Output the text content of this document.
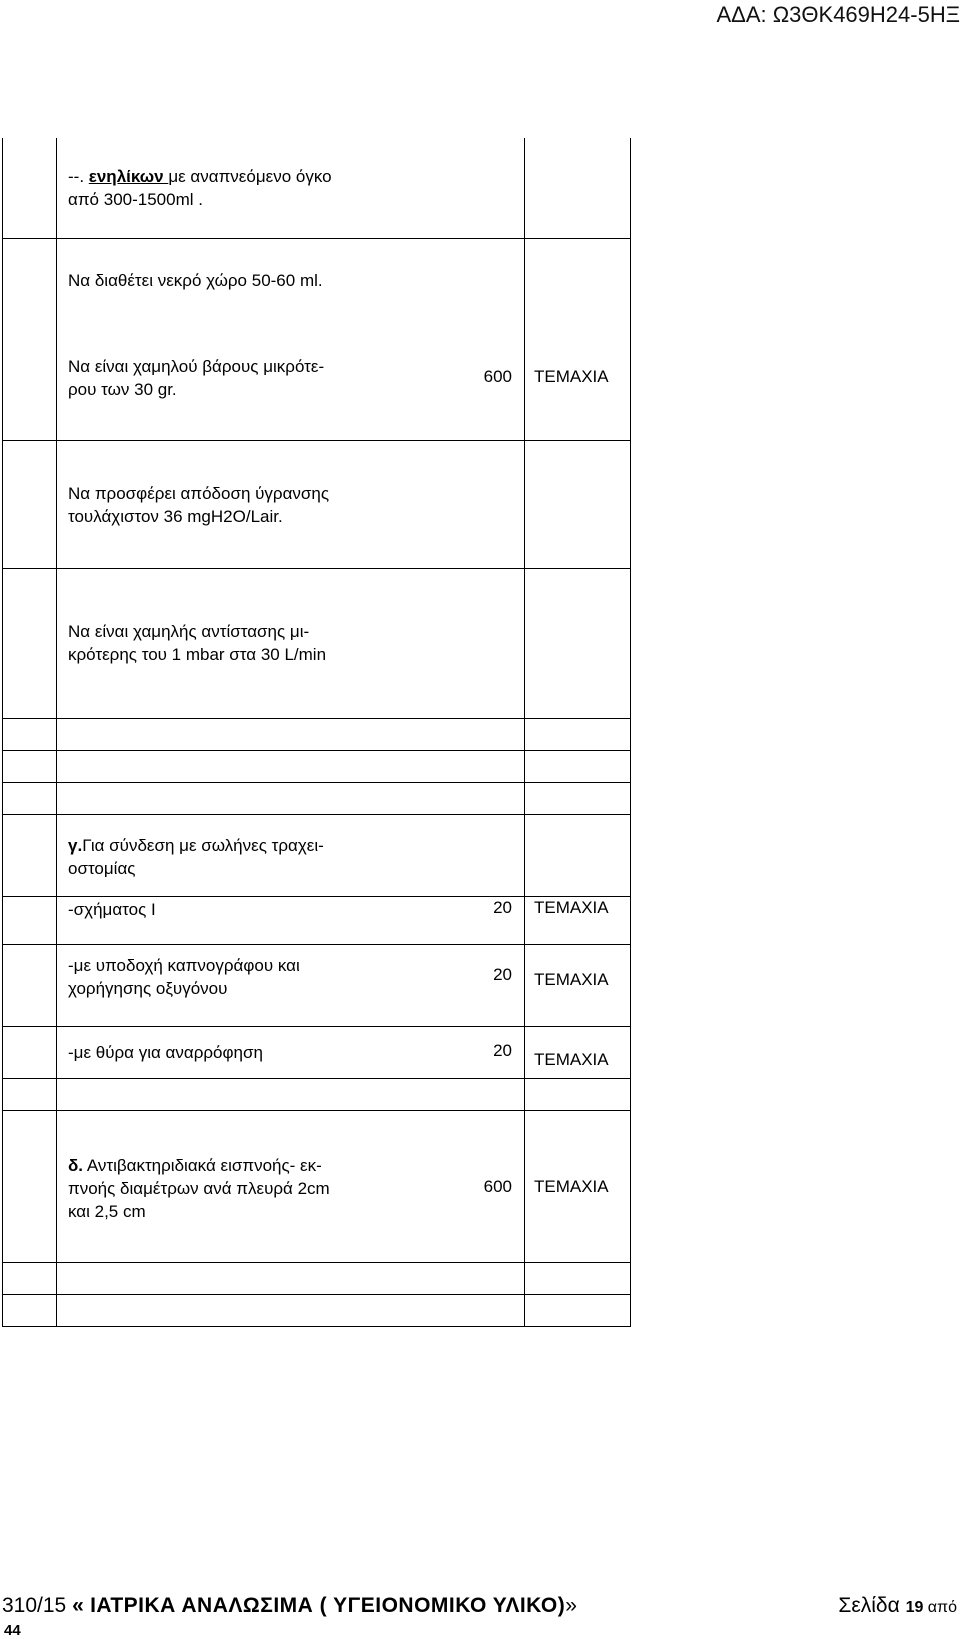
ΑΔΑ: Ω3ΘΚ469Η24-5ΗΞ
--. ενηλίκων με αναπνεόμενο όγκο
από 300-1500ml .
Να διαθέτει νεκρό χώρο 50-60 ml.
Να είναι χαμηλού βάρους μικρότε-
ρου των 30 gr.
600 ΤΕΜΑΧΙΑ
Να προσφέρει απόδοση ύγρανσης
τουλάχιστον 36 mgH2O/Lair.
Να είναι χαμηλής αντίστασης μι-
κρότερης του 1 mbar στα 30 L/min
γ.Για σύνδεση με σωλήνες τραχει-
οστομίας
-σχήματος Ι	20 ΤΕΜΑΧΙΑ
-με υποδοχή καπνογράφου και
χορήγησης οξυγόνου
20 ΤΕΜΑΧΙΑ
-με θύρα για αναρρόφηση	20 ΤΕΜΑΧΙΑ
δ. Αντιβακτηριδιακά εισπνοής- εκ-
πνοής διαμέτρων ανά πλευρά 2cm
και 2,5 cm
600 ΤΕΜΑΧΙΑ
310/15 « ΙΑΤΡΙΚΑ ΑΝΑΛΩΣΙΜΑ ( ΥΓΕΙΟΝΟΜΙΚΟ ΥΛΙΚΟ)»	Σελίδα 19 από
44
